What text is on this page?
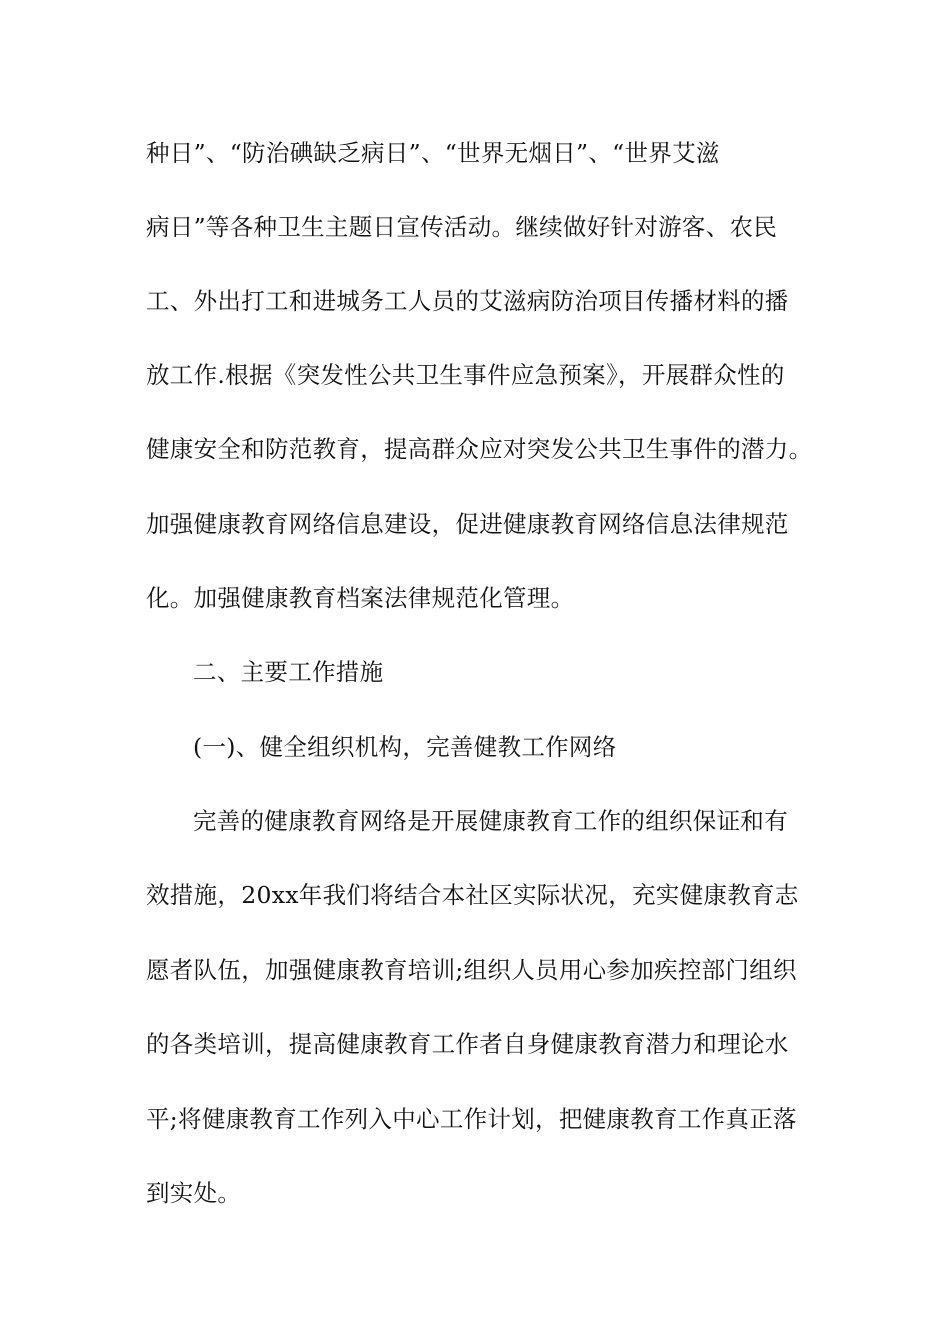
种日”、“防治碘缺乏病日”、“世界无烟日”、“世界艾滋
病日”等各种卫生主题日宣传活动。继续做好针对游客、农民
工、外出打工和进城务工人员的艾滋病防治项目传播材料的播
放工作.根据《突发性公共卫生事件应急预案》，开展群众性的
健康安全和防范教育，提高群众应对突发公共卫生事件的潜力。
加强健康教育网络信息建设，促进健康教育网络信息法律规范
化。加强健康教育档案法律规范化管理。
二、主要工作措施
(一)、健全组织机构，完善健教工作网络
完善的健康教育网络是开展健康教育工作的组织保证和有
效措施，20xx年我们将结合本社区实际状况，充实健康教育志
愿者队伍，加强健康教育培训;组织人员用心参加疾控部门组织
的各类培训，提高健康教育工作者自身健康教育潜力和理论水
平;将健康教育工作列入中心工作计划，把健康教育工作真正落
到实处。
